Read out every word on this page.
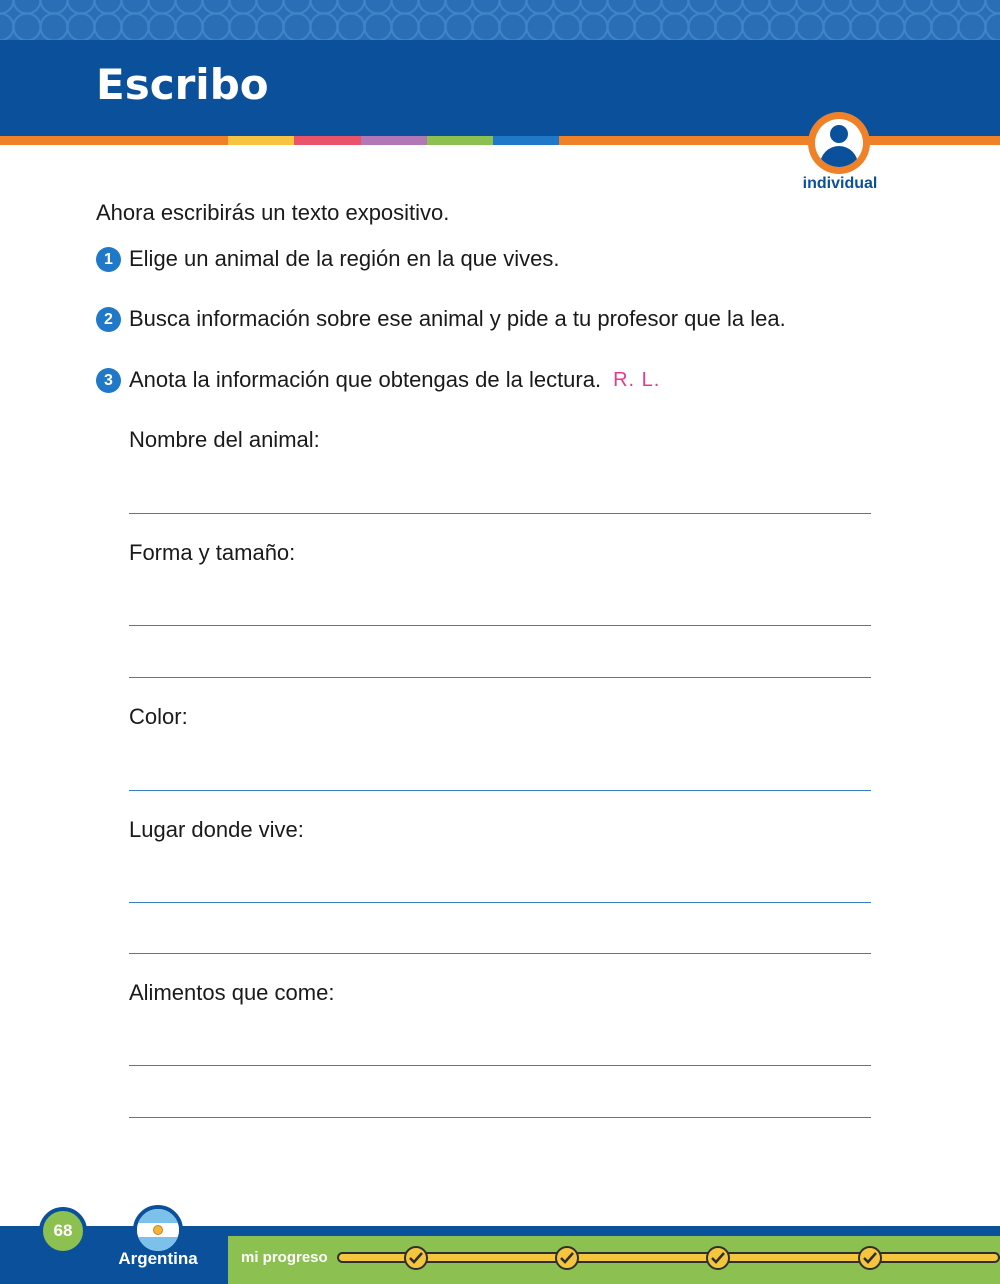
Escribo
individual

Ahora escribirás un texto expositivo.

1 Elige un animal de la región en la que vives.
2 Busca información sobre ese animal y pide a tu profesor que la lea.
3 Anota la información que obtengas de la lectura. R. L.
Nombre del animal:
Forma y tamaño:
Color:
Lugar donde vive:
Alimentos que come:
68
Argentina	mi progreso
